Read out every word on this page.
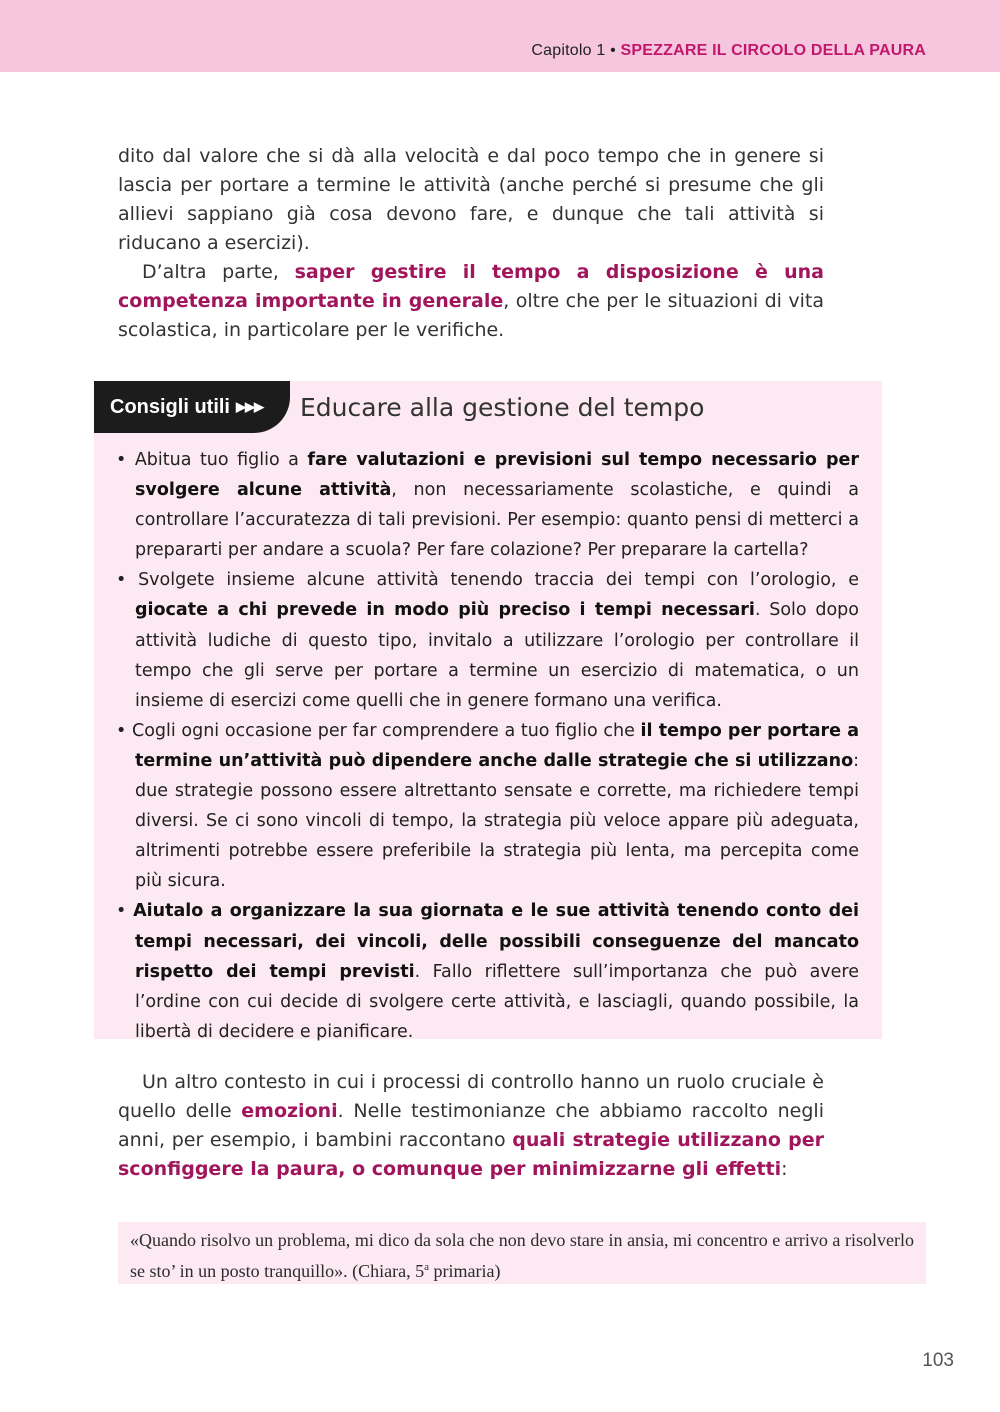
Capitolo 1 • SPEZZARE IL CIRCOLO DELLA PAURA

dito dal valore che si dà alla velocità e dal poco tempo che in genere si lascia per portare a termine le attività (anche perché si presume che gli allievi sappiano già cosa devono fare, e dunque che tali attività si riducano a esercizi).

D’altra parte, saper gestire il tempo a disposizione è una competenza importante in generale, oltre che per le situazioni di vita scolastica, in particolare per le verifiche.

Consigli utili ▶▶▶	Educare alla gestione del tempo
• Abitua tuo figlio a fare valutazioni e previsioni sul tempo necessario per svolgere alcune attività, non necessariamente scolastiche, e quindi a controllare l’accuratezza di tali previsioni. Per esempio: quanto pensi di metterci a prepararti per andare a scuola? Per fare colazione? Per preparare la cartella?
• Svolgete insieme alcune attività tenendo traccia dei tempi con l’orologio, e giocate a chi prevede in modo più preciso i tempi necessari. Solo dopo attività ludiche di questo tipo, invitalo a utilizzare l’orologio per controllare il tempo che gli serve per portare a termine un esercizio di matematica, o un insieme di esercizi come quelli che in genere formano una verifica.
• Cogli ogni occasione per far comprendere a tuo figlio che il tempo per portare a termine un’attività può dipendere anche dalle strategie che si utilizzano: due strategie possono essere altrettanto sensate e corrette, ma richiedere tempi diversi. Se ci sono vincoli di tempo, la strategia più veloce appare più adeguata, altrimenti potrebbe essere preferibile la strategia più lenta, ma percepita come più sicura.
• Aiutalo a organizzare la sua giornata e le sue attività tenendo conto dei tempi necessari, dei vincoli, delle possibili conseguenze del mancato rispetto dei tempi previsti. Fallo riflettere sull’importanza che può avere l’ordine con cui decide di svolgere certe attività, e lasciagli, quando possibile, la libertà di decidere e pianificare.

Un altro contesto in cui i processi di controllo hanno un ruolo cruciale è quello delle emozioni. Nelle testimonianze che abbiamo raccolto negli anni, per esempio, i bambini raccontano quali strategie utilizzano per sconfiggere la paura, o comunque per minimizzarne gli effetti:

«Quando risolvo un problema, mi dico da sola che non devo stare in ansia, mi concentro e arrivo a risolverlo se sto’ in un posto tranquillo». (Chiara, 5$^a$ primaria)
103
